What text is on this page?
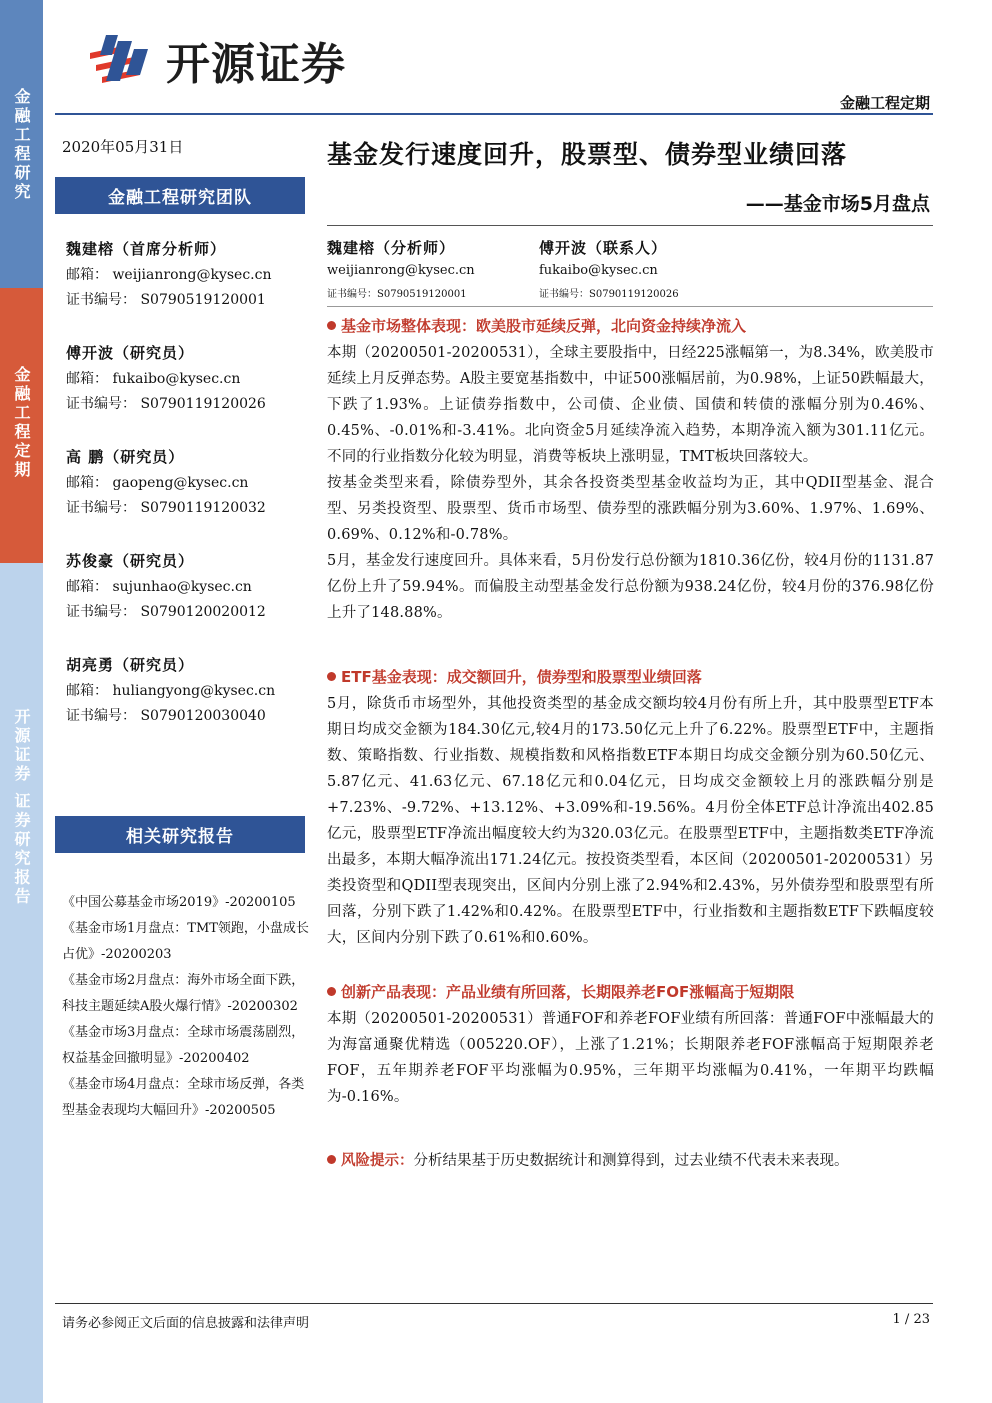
金融工程研究
金融工程定期
开源证券 证券研究报告
开源证券
金融工程定期
2020年05月31日	基金发行速度回升，股票型、债券型业绩回落
——基金市场5月盘点
金融工程研究团队
魏建榕（首席分析师）
邮箱： weijianrong@kysec.cn
证书编号： S0790519120001
傅开波（研究员）
邮箱： fukaibo@kysec.cn
证书编号： S0790119120026
高 鹏（研究员）
邮箱： gaopeng@kysec.cn
证书编号： S0790119120032
苏俊豪（研究员）
邮箱： sujunhao@kysec.cn
证书编号： S0790120020012
胡亮勇（研究员）
邮箱： huliangyong@kysec.cn
证书编号： S0790120030040
相关研究报告
《中国公募基金市场2019》-20200105
《基金市场1月盘点：TMT领跑，小盘成长占优》-20200203
《基金市场2月盘点：海外市场全面下跌，科技主题延续A股火爆行情》-20200302
《基金市场3月盘点：全球市场震荡剧烈，权益基金回撤明显》-20200402
《基金市场4月盘点：全球市场反弹，各类型基金表现均大幅回升》-20200505
魏建榕（分析师）
weijianrong@kysec.cn
证书编号：S0790519120001
傅开波（联系人）
fukaibo@kysec.cn
证书编号：S0790119120026
基金市场整体表现：欧美股市延续反弹，北向资金持续净流入

本期（20200501-20200531），全球主要股指中，日经225涨幅第一，为8.34%，欧美股市延续上月反弹态势。A股主要宽基指数中，中证500涨幅居前，为0.98%，上证50跌幅最大，下跌了1.93%。上证债券指数中，公司债、企业债、国债和转债的涨幅分别为0.46%、0.45%、-0.01%和-3.41%。北向资金5月延续净流入趋势，本期净流入额为301.11亿元。不同的行业指数分化较为明显，消费等板块上涨明显，TMT板块回落较大。

按基金类型来看，除债券型外，其余各投资类型基金收益均为正，其中QDII型基金、混合型、另类投资型、股票型、货币市场型、债券型的涨跌幅分别为3.60%、1.97%、1.69%、0.69%、0.12%和-0.78%。

5月，基金发行速度回升。具体来看，5月份发行总份额为1810.36亿份，较4月份的1131.87亿份上升了59.94%。而偏股主动型基金发行总份额为938.24亿份，较4月份的376.98亿份上升了148.88%。

ETF基金表现：成交额回升，债券型和股票型业绩回落

5月，除货币市场型外，其他投资类型的基金成交额均较4月份有所上升，其中股票型ETF本期日均成交金额为184.30亿元,较4月的173.50亿元上升了6.22%。股票型ETF中，主题指数、策略指数、行业指数、规模指数和风格指数ETF本期日均成交金额分别为60.50亿元、5.87亿元、41.63亿元、67.18亿元和0.04亿元，日均成交金额较上月的涨跌幅分别是+7.23%、-9.72%、+13.12%、+3.09%和-19.56%。4月份全体ETF总计净流出402.85亿元，股票型ETF净流出幅度较大约为320.03亿元。在股票型ETF中，主题指数类ETF净流出最多，本期大幅净流出171.24亿元。按投资类型看，本区间（20200501-20200531）另类投资型和QDII型表现突出，区间内分别上涨了2.94%和2.43%，另外债券型和股票型有所回落，分别下跌了1.42%和0.42%。在股票型ETF中，行业指数和主题指数ETF下跌幅度较大，区间内分别下跌了0.61%和0.60%。

创新产品表现：产品业绩有所回落，长期限养老FOF涨幅高于短期限

本期（20200501-20200531）普通FOF和养老FOF业绩有所回落：普通FOF中涨幅最大的为海富通聚优精选（005220.OF），上涨了1.21%；长期限养老FOF涨幅高于短期限养老FOF，五年期养老FOF平均涨幅为0.95%，三年期平均涨幅为0.41%，一年期平均跌幅为-0.16%。

风险提示：分析结果基于历史数据统计和测算得到，过去业绩不代表未来表现。
请务必参阅正文后面的信息披露和法律声明	1 / 23
